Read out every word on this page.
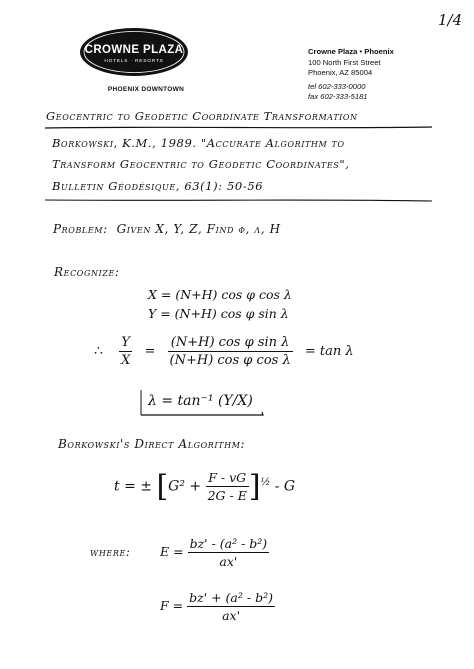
CROWNE PLAZA
HOTELS · RESORTS
PHOENIX DOWNTOWN
Crowne Plaza • Phoenix
100 North First Street
Phoenix, AZ 85004
tel 602-333-0000
fax 602-333-5181
1/4
Geocentric to Geodetic Coordinate Transformation
Borkowski, K.M., 1989. "Accurate Algorithm to
Transform Geocentric to Geodetic Coordinates",
Bulletin Géodésique, 63(1): 50-56
Problem: Given X, Y, Z, Find φ, λ, H
Recognize:
X = (N+H) cos φ cos λ
Y = (N+H) cos φ sin λ
∴ $\frac{Y}{X} = \frac{\text{(N+H) cos φ sin λ}}{\text{(N+H) cos φ cos λ}} = \tan \lambda$
λ = tan⁻¹ (Y/X)
Borkowski's Direct Algorithm:
t = ± $[G^2 + \frac{F - vG}{2G - E} ]^{\frac{1}{2}} - G$
where: $E = \frac{\text{bz' - (a² - b²)}}{ax'}$
$F = \frac{\text{bz' + (a² - b²)}}{ax'}$
